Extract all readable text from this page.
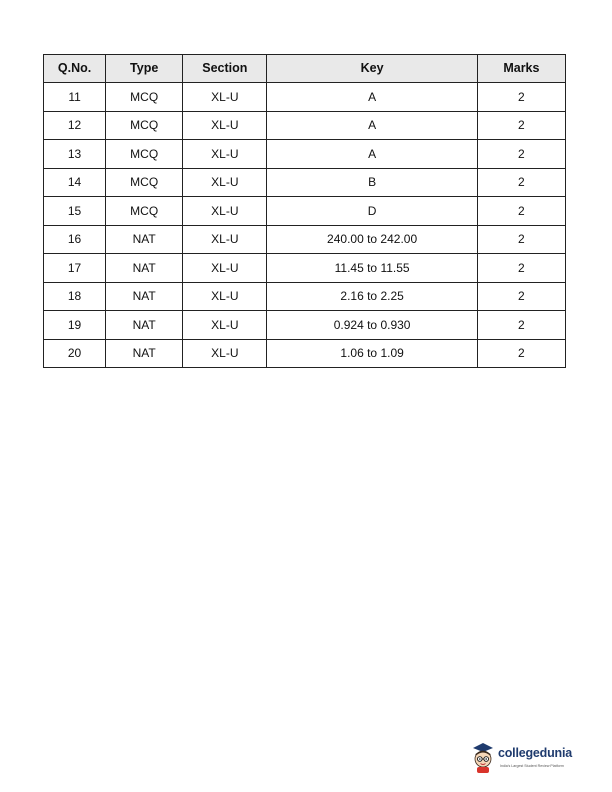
Q.No.	Type	Section	Key	Marks
11	MCQ	XL-U	A	2
12	MCQ	XL-U	A	2
13	MCQ	XL-U	A	2
14	MCQ	XL-U	B	2
15	MCQ	XL-U	D	2
16	NAT	XL-U	240.00 to 242.00	2
17	NAT	XL-U	11.45 to 11.55	2
18	NAT	XL-U	2.16 to 2.25	2
19	NAT	XL-U	0.924 to 0.930	2
20	NAT	XL-U	1.06 to 1.09	2
collegedunia
India's Largest Student Review Platform
